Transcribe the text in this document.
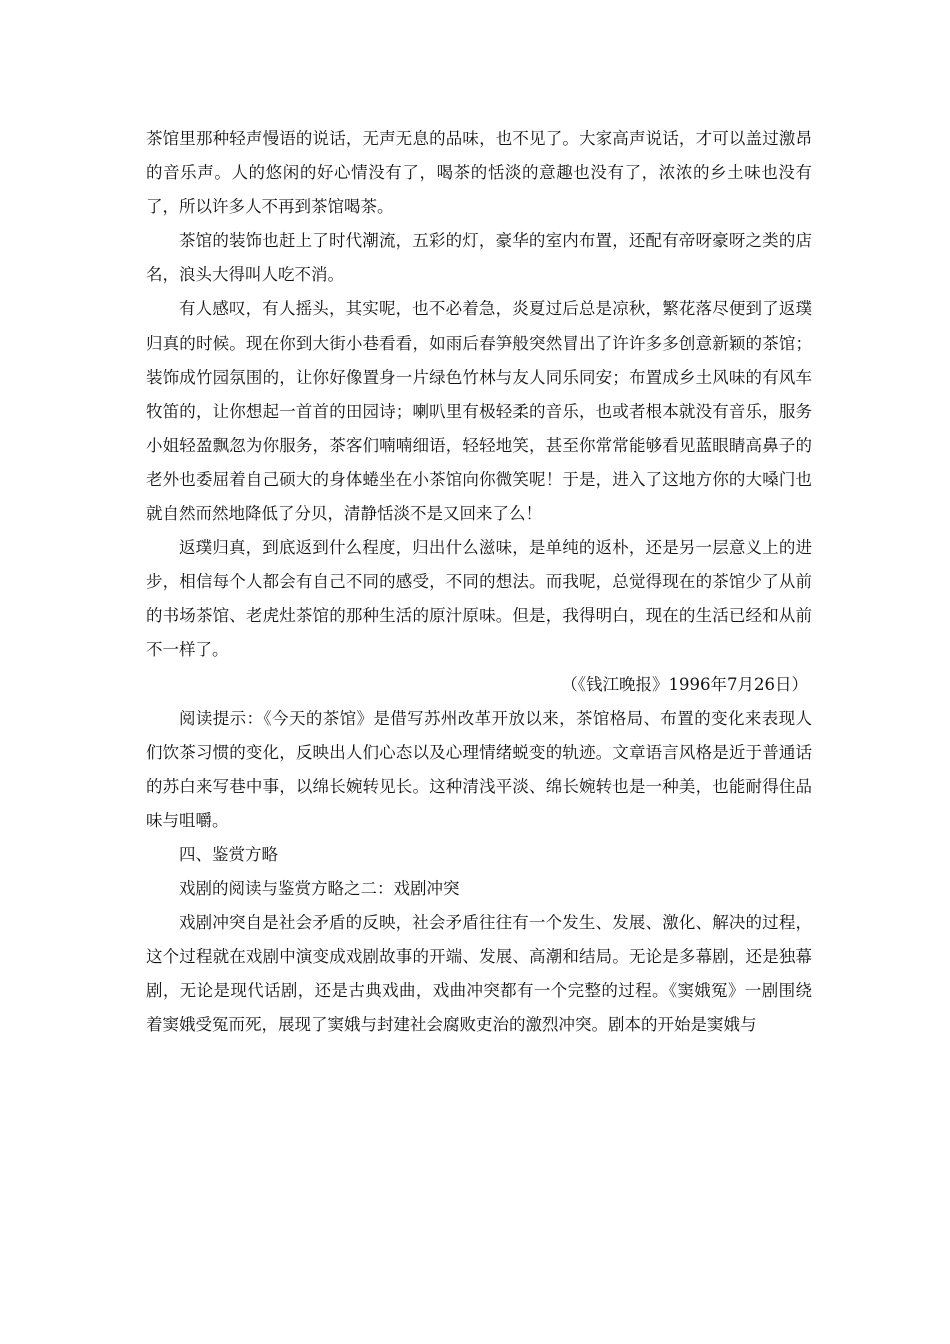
茶馆里那种轻声慢语的说话，无声无息的品味，也不见了。大家高声说话，才可以盖过激昂的音乐声。人的悠闲的好心情没有了，喝茶的恬淡的意趣也没有了，浓浓的乡土味也没有了，所以许多人不再到茶馆喝茶。

茶馆的装饰也赶上了时代潮流，五彩的灯，豪华的室内布置，还配有帝呀豪呀之类的店名，浪头大得叫人吃不消。

有人感叹，有人摇头，其实呢，也不必着急，炎夏过后总是凉秋，繁花落尽便到了返璞归真的时候。现在你到大街小巷看看，如雨后春笋般突然冒出了许许多多创意新颖的茶馆；装饰成竹园氛围的，让你好像置身一片绿色竹林与友人同乐同安；布置成乡土风味的有风车牧笛的，让你想起一首首的田园诗；喇叭里有极轻柔的音乐，也或者根本就没有音乐，服务小姐轻盈飘忽为你服务，茶客们喃喃细语，轻轻地笑，甚至你常常能够看见蓝眼睛高鼻子的老外也委屈着自己硕大的身体蜷坐在小茶馆向你微笑呢！于是，进入了这地方你的大嗓门也就自然而然地降低了分贝，清静恬淡不是又回来了么！

返璞归真，到底返到什么程度，归出什么滋味，是单纯的返朴，还是另一层意义上的进步，相信每个人都会有自己不同的感受，不同的想法。而我呢，总觉得现在的茶馆少了从前的书场茶馆、老虎灶茶馆的那种生活的原汁原味。但是，我得明白，现在的生活已经和从前不一样了。

（《钱江晚报》1996年7月26日）

阅读提示：《今天的茶馆》是借写苏州改革开放以来，茶馆格局、布置的变化来表现人们饮茶习惯的变化，反映出人们心态以及心理情绪蜕变的轨迹。文章语言风格是近于普通话的苏白来写巷中事，以绵长婉转见长。这种清浅平淡、绵长婉转也是一种美，也能耐得住品味与咀嚼。

四、鉴赏方略

戏剧的阅读与鉴赏方略之二：戏剧冲突

戏剧冲突自是社会矛盾的反映，社会矛盾往往有一个发生、发展、激化、解决的过程，这个过程就在戏剧中演变成戏剧故事的开端、发展、高潮和结局。无论是多幕剧，还是独幕剧，无论是现代话剧，还是古典戏曲，戏曲冲突都有一个完整的过程。《窦娥冤》一剧围绕着窦娥受冤而死，展现了窦娥与封建社会腐败吏治的激烈冲突。剧本的开始是窦娥与
